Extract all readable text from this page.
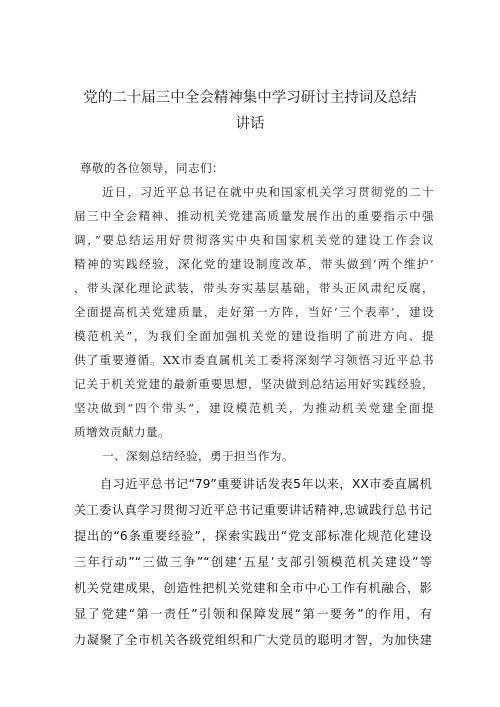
党的二十届三中全会精神集中学习研讨主持词及总结
讲话
尊敬的各位领导，同志们：
近日，习近平总书记在就中央和国家机关学习贯彻党的二十
届三中全会精神、推动机关党建高质量发展作出的重要指示中强
调，”要总结运用好贯彻落实中央和国家机关党的建设工作会议
精神的实践经验，深化党的建设制度改革，带头做到‘两个维护’
，带头深化理论武装，带头夯实基层基础，带头正风肃纪反腐，
全面提高机关党建质量，走好第一方阵，当好‘三个表率’，建设
模范机关”，为我们全面加强机关党的建设指明了前进方向、提
供了重要遵循。XX市委直属机关工委将深刻学习领悟习近平总书
记关于机关党建的最新重要思想，坚决做到总结运用好实践经验，
坚决做到“四个带头”，建设模范机关，为推动机关党建全面提
质增效贡献力量。
一、深刻总结经验，勇于担当作为。
自习近平总书记“79”重要讲话发表5年以来，XX市委直属机
关工委认真学习贯彻习近平总书记重要讲话精神,忠诚践行总书记
提出的“6条重要经验”，探索实践出“党支部标准化规范化建设
三年行动”“三做三争”“创建‘五星’支部引领模范机关建设”等
机关党建成果，创造性把机关党建和全市中心工作有机融合，影
显了党建“第一责任”引领和保障发展“第一要务”的作用，有
力凝聚了全市机关各级党组织和广大党员的聪明才智，为加快建
